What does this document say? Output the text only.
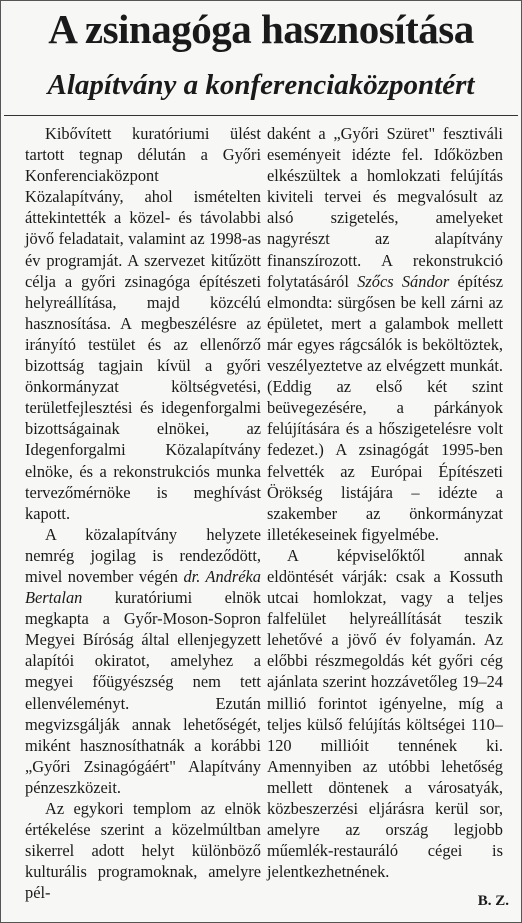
A zsinagóga hasznosítása
Alapítvány a konferenciaközpontért

Kibővített kuratóriumi ülést tartott tegnap délután a Győri Konferenciaközpont Közalapítvány, ahol ismételten áttekintették a közel- és távolabbi jövő feladatait, valamint az 1998-as év programját. A szervezet kitűzött célja a győri zsinagóga építészeti helyreállítása, majd közcélú hasznosítása. A megbeszélésre az irányító testület és az ellenőrző bizottság tagjain kívül a győri önkormányzat költségvetési, területfejlesztési és idegenforgalmi bizottságainak elnökei, az Idegenforgalmi Közalapítvány elnöke, és a rekonstrukciós munka tervezőmérnöke is meghívást kapott.

A közalapítvány helyzete nemrég jogilag is rendeződött, mivel november végén dr. Andréka Bertalan kuratóriumi elnök megkapta a Győr-Moson-Sopron Megyei Bíróság által ellenjegyzett alapítói okiratot, amelyhez a megyei főügyészség nem tett ellenvéleményt. Ezután megvizsgálják annak lehetőségét, miként hasznosíthatnák a korábbi „Győri Zsinagógáért" Alapítvány pénzeszközeit.

Az egykori templom az elnök értékelése szerint a közelmúltban sikerrel adott helyt különböző kulturális programoknak, amelyre pél-

daként a „Győri Szüret" fesztiváli eseményeit idézte fel. Időközben elkészültek a homlokzati felújítás kiviteli tervei és megvalósult az alsó szigetelés, amelyeket nagyrészt az alapítvány finanszírozott. A rekonstrukció folytatásáról Szőcs Sándor építész elmondta: sürgősen be kell zárni az épületet, mert a galambok mellett már egyes rágcsálók is beköltöztek, veszélyeztetve az elvégzett munkát. (Eddig az első két szint beüvegezésére, a párkányok felújítására és a hőszigetelésre volt fedezet.) A zsinagógát 1995-ben felvették az Európai Építészeti Örökség listájára – idézte a szakember az önkormányzat illetékeseinek figyelmébe.

A képviselőktől annak eldöntését várják: csak a Kossuth utcai homlokzat, vagy a teljes falfelület helyreállítását teszik lehetővé a jövő év folyamán. Az előbbi részmegoldás két győri cég ajánlata szerint hozzávetőleg 19–24 millió forintot igényelne, míg a teljes külső felújítás költségei 110–120 millióit tennének ki. Amennyiben az utóbbi lehetőség mellett döntenek a városatyák, közbeszerzési eljárásra kerül sor, amelyre az ország legjobb műemlék-restauráló cégei is jelentkezhetnének.

B. Z.
